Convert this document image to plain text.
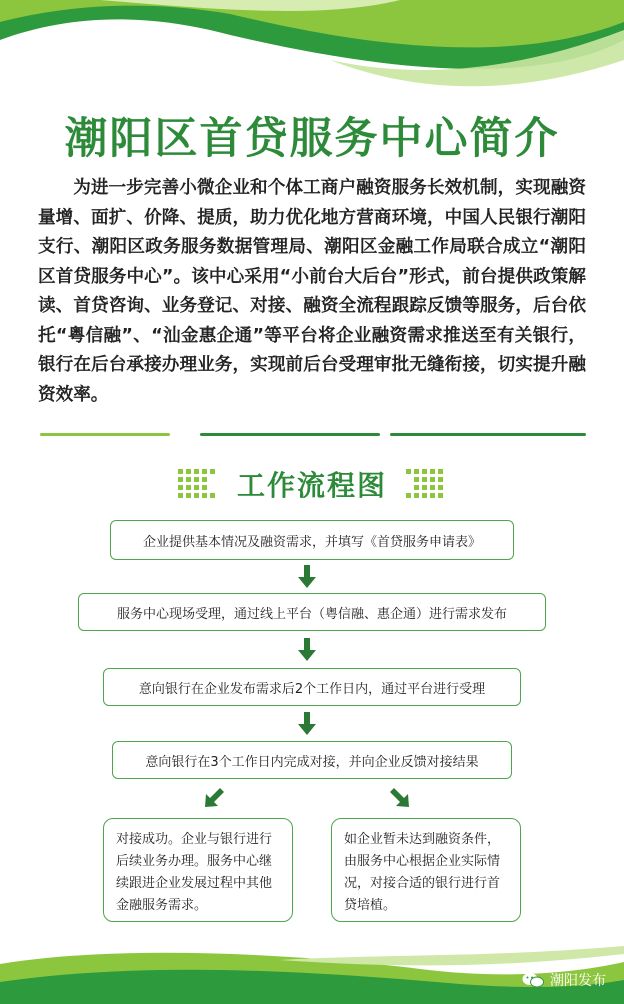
潮阳区首贷服务中心简介

为进一步完善小微企业和个体工商户融资服务长效机制，实现融资量增、面扩、价降、提质，助力优化地方营商环境，中国人民银行潮阳支行、潮阳区政务服务数据管理局、潮阳区金融工作局联合成立“潮阳区首贷服务中心”。该中心采用“小前台大后台”形式，前台提供政策解读、首贷咨询、业务登记、对接、融资全流程跟踪反馈等服务，后台依托“粤信融”、“汕金惠企通”等平台将企业融资需求推送至有关银行，银行在后台承接办理业务，实现前后台受理审批无缝衔接，切实提升融资效率。

工作流程图
企业提供基本情况及融资需求，并填写《首贷服务申请表》
服务中心现场受理，通过线上平台（粤信融、惠企通）进行需求发布
意向银行在企业发布需求后2个工作日内，通过平台进行受理
意向银行在3个工作日内完成对接，并向企业反馈对接结果
对接成功。企业与银行进行后续业务办理。服务中心继续跟进企业发展过程中其他金融服务需求。
如企业暂未达到融资条件，由服务中心根据企业实际情况，对接合适的银行进行首贷培植。
潮阳发布
